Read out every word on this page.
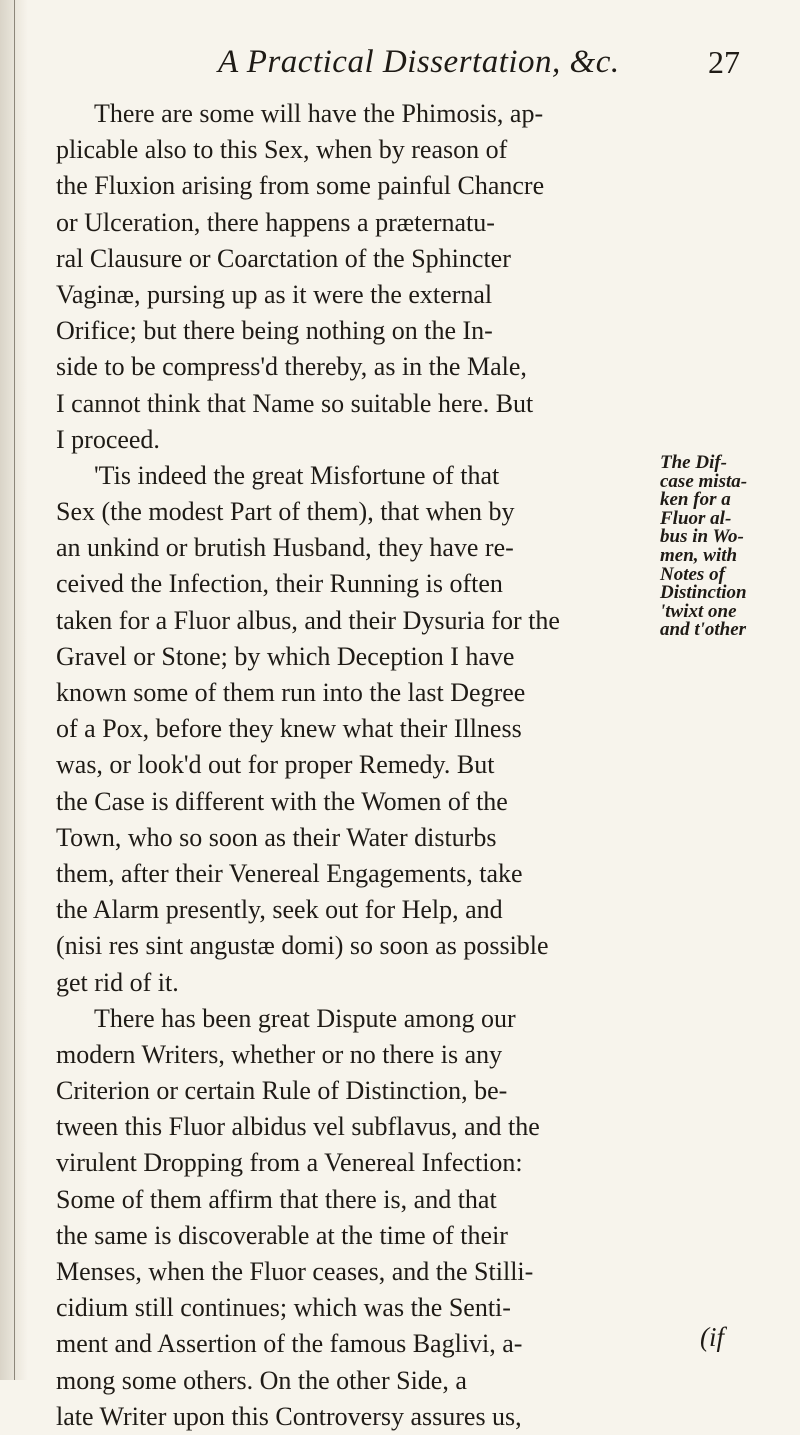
A Practical Dissertation, &c.	27
There are some will have the Phimosis, ap-
plicable also to this Sex, when by reason of
the Fluxion arising from some painful Chancre
or Ulceration, there happens a præternatu-
ral Clausure or Coarctation of the Sphincter
Vaginæ, pursing up as it were the external
Orifice; but there being nothing on the In-
side to be compress'd thereby, as in the Male,
I cannot think that Name so suitable here. But
I proceed.
'Tis indeed the great Misfortune of that
Sex (the modest Part of them), that when by
an unkind or brutish Husband, they have re-
ceived the Infection, their Running is often
taken for a Fluor albus, and their Dysuria for the
Gravel or Stone; by which Deception I have
known some of them run into the last Degree
of a Pox, before they knew what their Illness
was, or look'd out for proper Remedy. But
the Case is different with the Women of the
Town, who so soon as their Water disturbs
them, after their Venereal Engagements, take
the Alarm presently, seek out for Help, and
(nisi res sint angustæ domi) so soon as possible
get rid of it.
There has been great Dispute among our
modern Writers, whether or no there is any
Criterion or certain Rule of Distinction, be-
tween this Fluor albidus vel subflavus, and the
virulent Dropping from a Venereal Infection:
Some of them affirm that there is, and that
the same is discoverable at the time of their
Menses, when the Fluor ceases, and the Stilli-
cidium still continues; which was the Senti-
ment and Assertion of the famous Baglivi, a-
mong some others. On the other Side, a
late Writer upon this Controversy assures us,
The Dif-
case mista-
ken for a
Fluor al-
bus in Wo-
men, with
Notes of
Distinction
'twixt one
and t'other
(if
